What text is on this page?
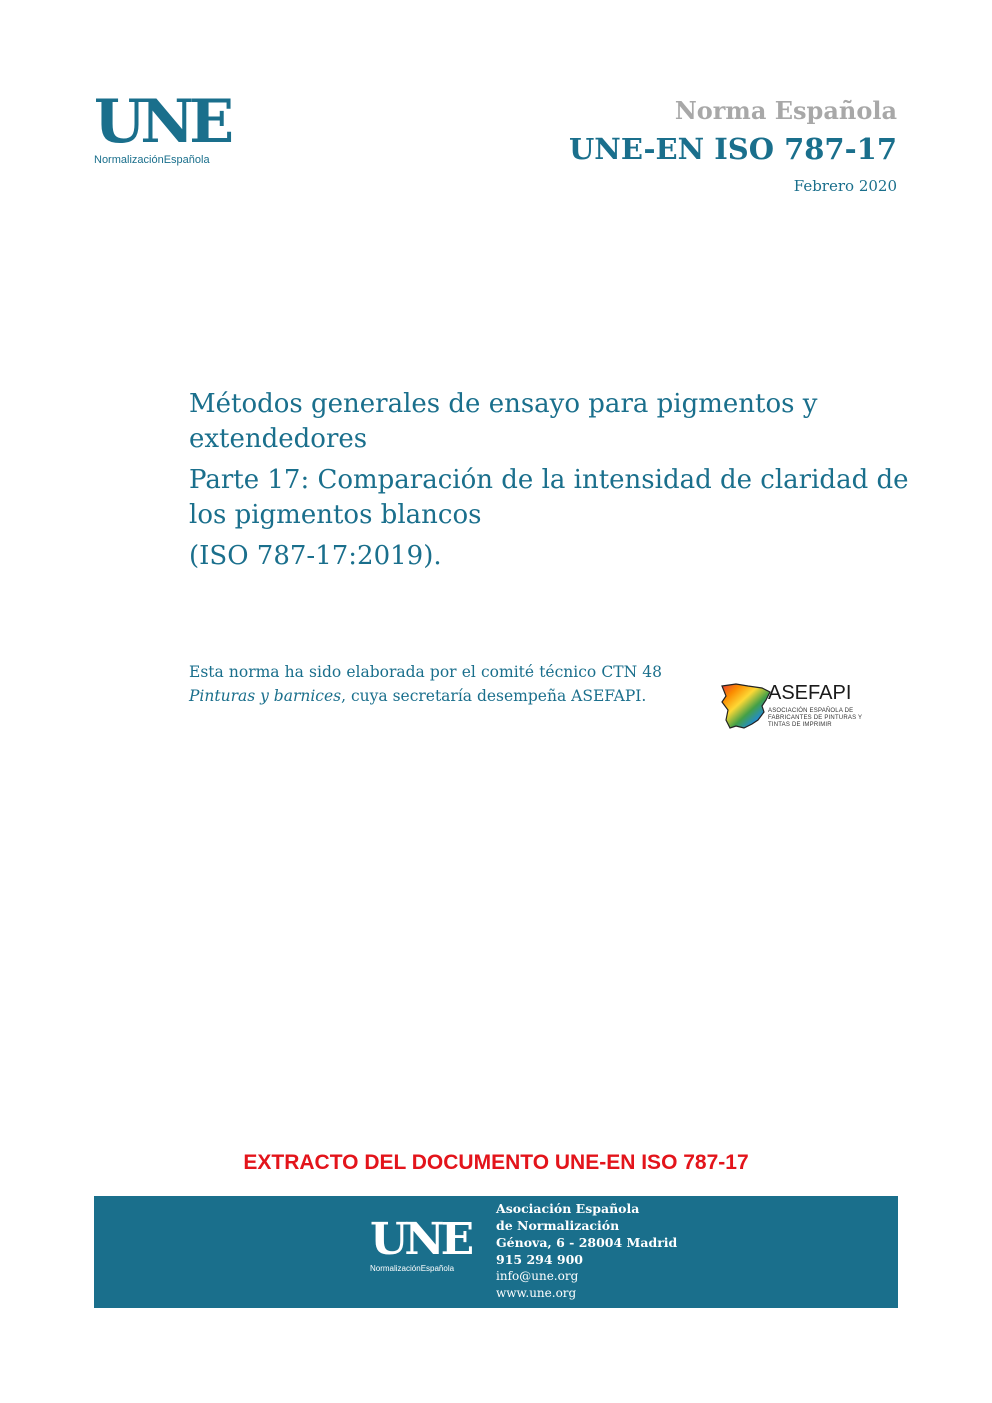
UNE
NormalizaciónEspañola
Norma Española
UNE-EN ISO 787-17
Febrero 2020

Métodos generales de ensayo para pigmentos y

extendedores

Parte 17: Comparación de la intensidad de claridad de

los pigmentos blancos

(ISO 787-17:2019).

Esta norma ha sido elaborada por el comité técnico CTN 48 Pinturas y barnices, cuya secretaría desempeña ASEFAPI.	ASEFAPI
ASOCIACIÓN ESPAÑOLA DE FABRICANTES DE PINTURAS Y TINTAS DE IMPRIMIR
EXTRACTO DEL DOCUMENTO UNE-EN ISO 787-17
UNE
NormalizaciónEspañola
Asociación Española
de Normalización
Génova, 6 - 28004 Madrid
915 294 900
info@une.org
www.une.org
